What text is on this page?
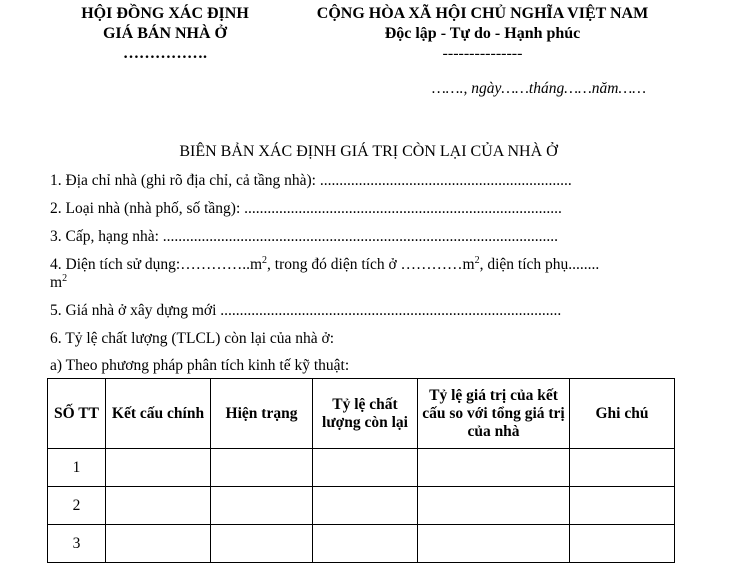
HỘI ĐỒNG XÁC ĐỊNH
GIÁ BÁN NHÀ Ở
…………….
CỘNG HÒA XÃ HỘI CHỦ NGHĨA VIỆT NAM
Độc lập - Tự do - Hạnh phúc
---------------
……., ngày……tháng……năm……
BIÊN BẢN XÁC ĐỊNH GIÁ TRỊ CÒN LẠI CỦA NHÀ Ở
1. Địa chỉ nhà (ghi rõ địa chỉ, cả tầng nhà): .................................................................
2. Loại nhà (nhà phố, số tầng): ..................................................................................
3. Cấp, hạng nhà: ......................................................................................................
4. Diện tích sử $dụng:\dots\dots\dots\dots..m^2$, trong đó diện tích ở $\dots\dots\dots\dots m^2$, diện tích phụ........
$m^2$
5. Giá nhà ở xây dựng mới ........................................................................................
6. Tỷ lệ chất lượng (TLCL) còn lại của nhà ở:
a) Theo phương pháp phân tích kinh tế kỹ thuật:
SỐ TT	Kết cấu chính	Hiện trạng	Tỷ lệ chất lượng còn lại	Tỷ lệ giá trị của kết cấu so với tổng giá trị của nhà	Ghi chú
1					
2					
3					
